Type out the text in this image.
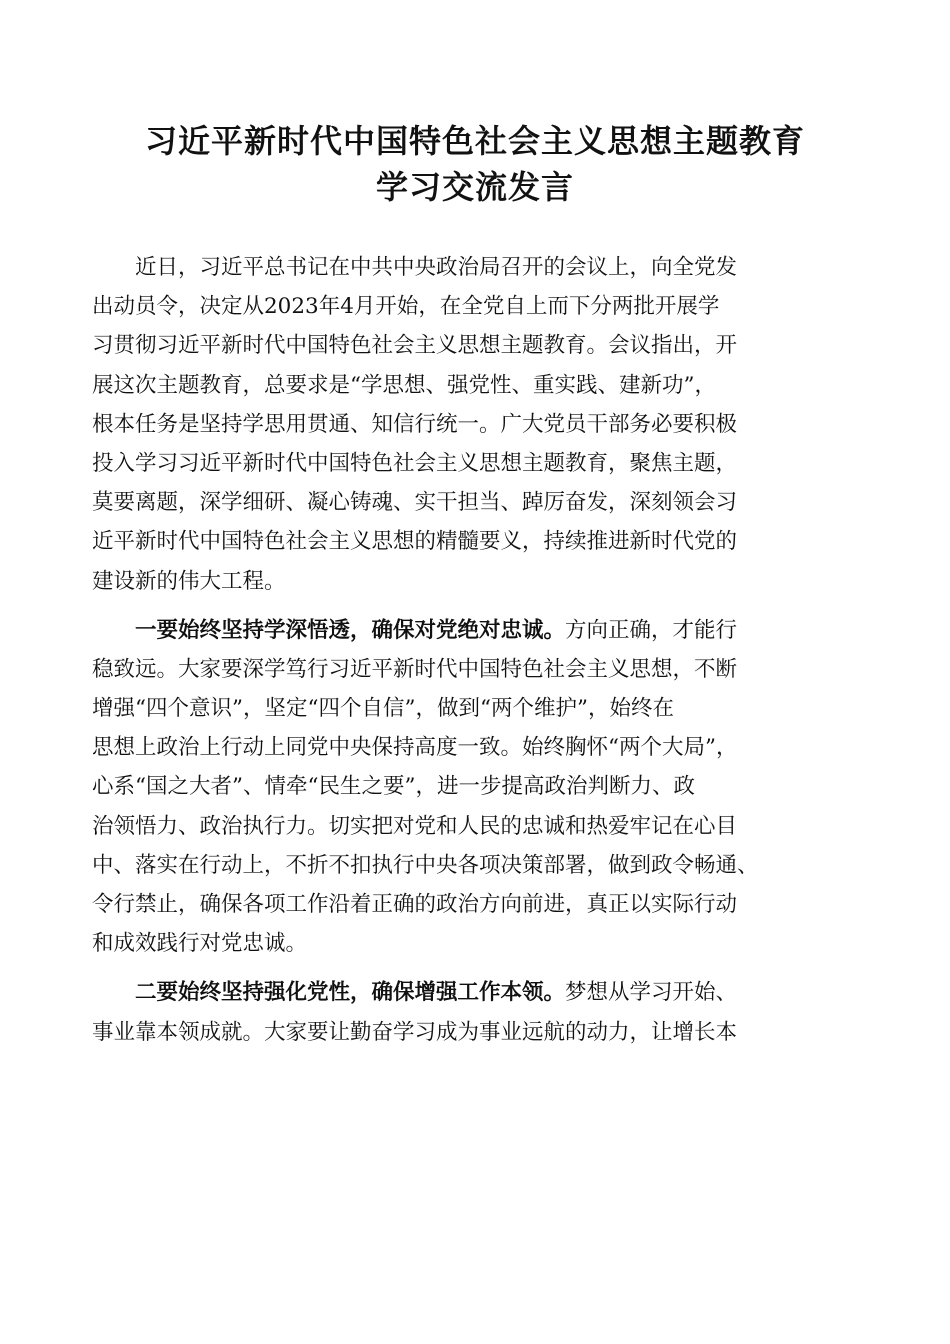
习近平新时代中国特色社会主义思想主题教育
学习交流发言
近日，习近平总书记在中共中央政治局召开的会议上，向全党发
出动员令，决定从2023年4月开始，在全党自上而下分两批开展学
习贯彻习近平新时代中国特色社会主义思想主题教育。会议指出，开
展这次主题教育，总要求是“学思想、强党性、重实践、建新功”，
根本任务是坚持学思用贯通、知信行统一。广大党员干部务必要积极
投入学习习近平新时代中国特色社会主义思想主题教育，聚焦主题，
莫要离题，深学细研、凝心铸魂、实干担当、踔厉奋发，深刻领会习
近平新时代中国特色社会主义思想的精髓要义，持续推进新时代党的
建设新的伟大工程。
一要始终坚持学深悟透，确保对党绝对忠诚。方向正确，才能行
稳致远。大家要深学笃行习近平新时代中国特色社会主义思想，不断
增强“四个意识”，坚定“四个自信”，做到“两个维护”，始终在
思想上政治上行动上同党中央保持高度一致。始终胸怀“两个大局”，
心系“国之大者”、情牵“民生之要”，进一步提高政治判断力、政
治领悟力、政治执行力。切实把对党和人民的忠诚和热爱牢记在心目
中、落实在行动上，不折不扣执行中央各项决策部署，做到政令畅通、
令行禁止，确保各项工作沿着正确的政治方向前进，真正以实际行动
和成效践行对党忠诚。
二要始终坚持强化党性，确保增强工作本领。梦想从学习开始、
事业靠本领成就。大家要让勤奋学习成为事业远航的动力，让增长本
